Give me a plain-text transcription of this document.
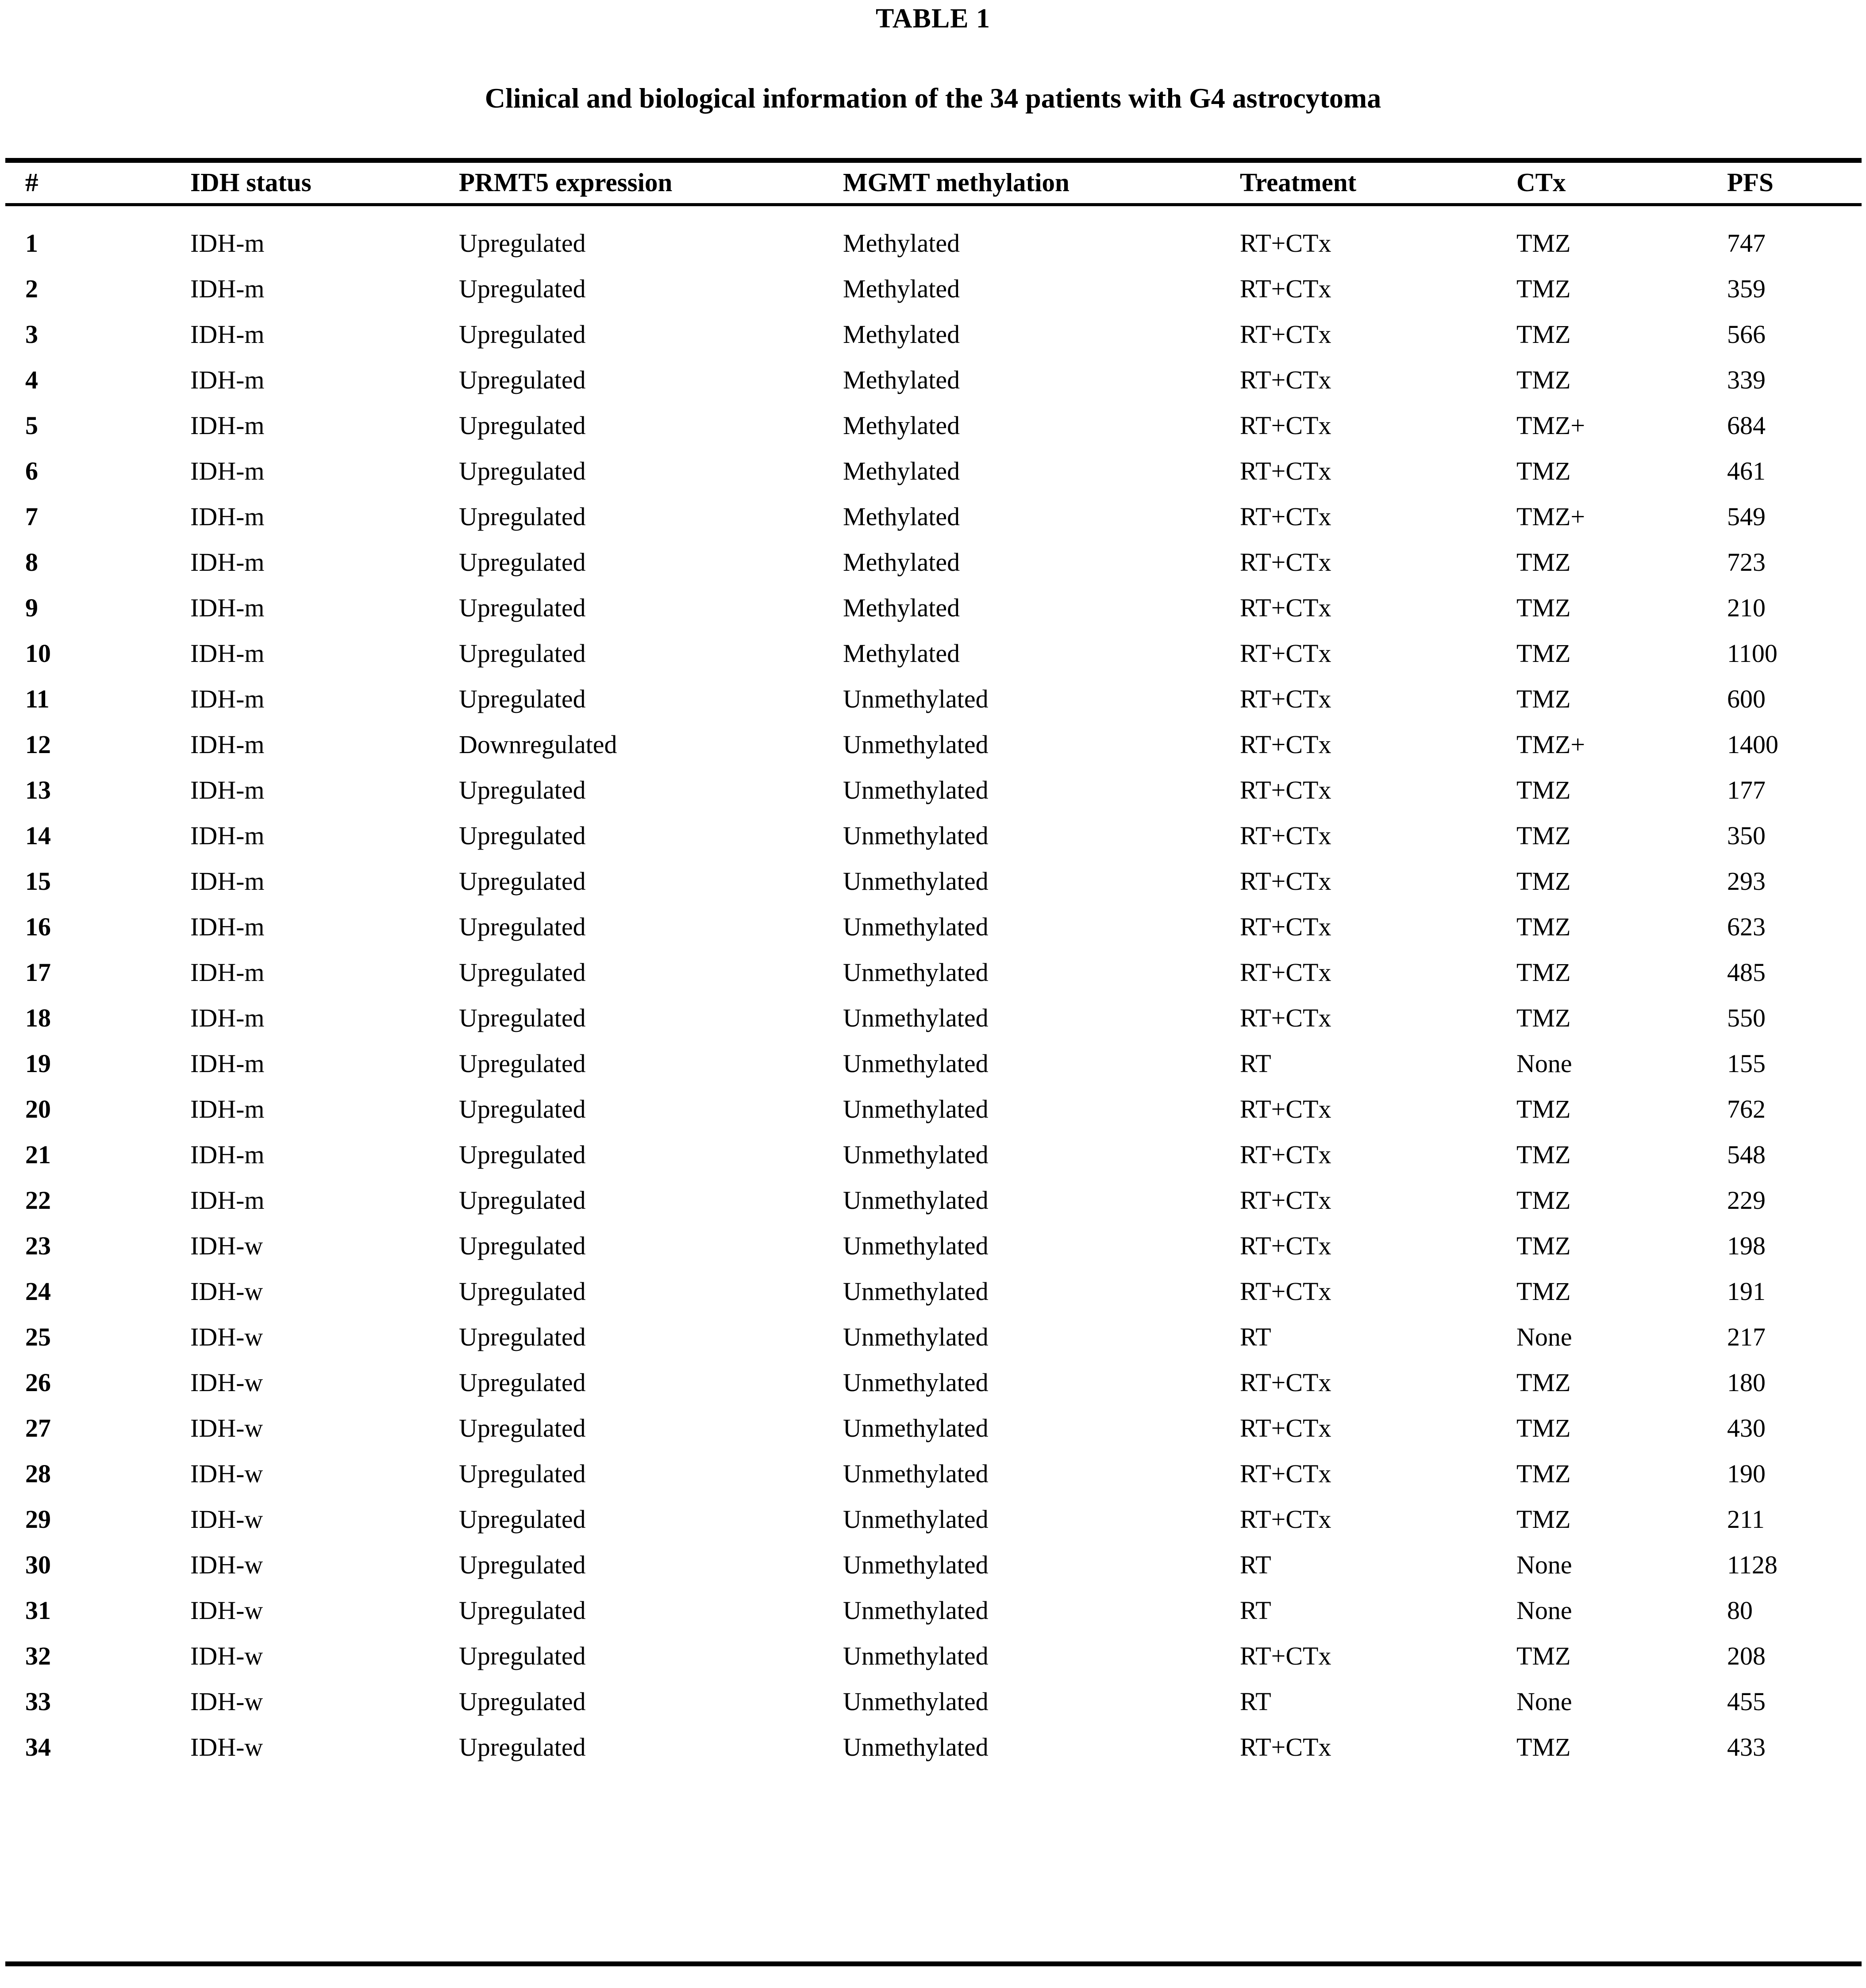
TABLE 1
Clinical and biological information of the 34 patients with G4 astrocytoma
#	IDH status	PRMT5 expression	MGMT methylation	Treatment	CTx	PFS
1	IDH-m	Upregulated	Methylated	RT+CTx	TMZ	747
2	IDH-m	Upregulated	Methylated	RT+CTx	TMZ	359
3	IDH-m	Upregulated	Methylated	RT+CTx	TMZ	566
4	IDH-m	Upregulated	Methylated	RT+CTx	TMZ	339
5	IDH-m	Upregulated	Methylated	RT+CTx	TMZ+	684
6	IDH-m	Upregulated	Methylated	RT+CTx	TMZ	461
7	IDH-m	Upregulated	Methylated	RT+CTx	TMZ+	549
8	IDH-m	Upregulated	Methylated	RT+CTx	TMZ	723
9	IDH-m	Upregulated	Methylated	RT+CTx	TMZ	210
10	IDH-m	Upregulated	Methylated	RT+CTx	TMZ	1100
11	IDH-m	Upregulated	Unmethylated	RT+CTx	TMZ	600
12	IDH-m	Downregulated	Unmethylated	RT+CTx	TMZ+	1400
13	IDH-m	Upregulated	Unmethylated	RT+CTx	TMZ	177
14	IDH-m	Upregulated	Unmethylated	RT+CTx	TMZ	350
15	IDH-m	Upregulated	Unmethylated	RT+CTx	TMZ	293
16	IDH-m	Upregulated	Unmethylated	RT+CTx	TMZ	623
17	IDH-m	Upregulated	Unmethylated	RT+CTx	TMZ	485
18	IDH-m	Upregulated	Unmethylated	RT+CTx	TMZ	550
19	IDH-m	Upregulated	Unmethylated	RT	None	155
20	IDH-m	Upregulated	Unmethylated	RT+CTx	TMZ	762
21	IDH-m	Upregulated	Unmethylated	RT+CTx	TMZ	548
22	IDH-m	Upregulated	Unmethylated	RT+CTx	TMZ	229
23	IDH-w	Upregulated	Unmethylated	RT+CTx	TMZ	198
24	IDH-w	Upregulated	Unmethylated	RT+CTx	TMZ	191
25	IDH-w	Upregulated	Unmethylated	RT	None	217
26	IDH-w	Upregulated	Unmethylated	RT+CTx	TMZ	180
27	IDH-w	Upregulated	Unmethylated	RT+CTx	TMZ	430
28	IDH-w	Upregulated	Unmethylated	RT+CTx	TMZ	190
29	IDH-w	Upregulated	Unmethylated	RT+CTx	TMZ	211
30	IDH-w	Upregulated	Unmethylated	RT	None	1128
31	IDH-w	Upregulated	Unmethylated	RT	None	80
32	IDH-w	Upregulated	Unmethylated	RT+CTx	TMZ	208
33	IDH-w	Upregulated	Unmethylated	RT	None	455
34	IDH-w	Upregulated	Unmethylated	RT+CTx	TMZ	433
